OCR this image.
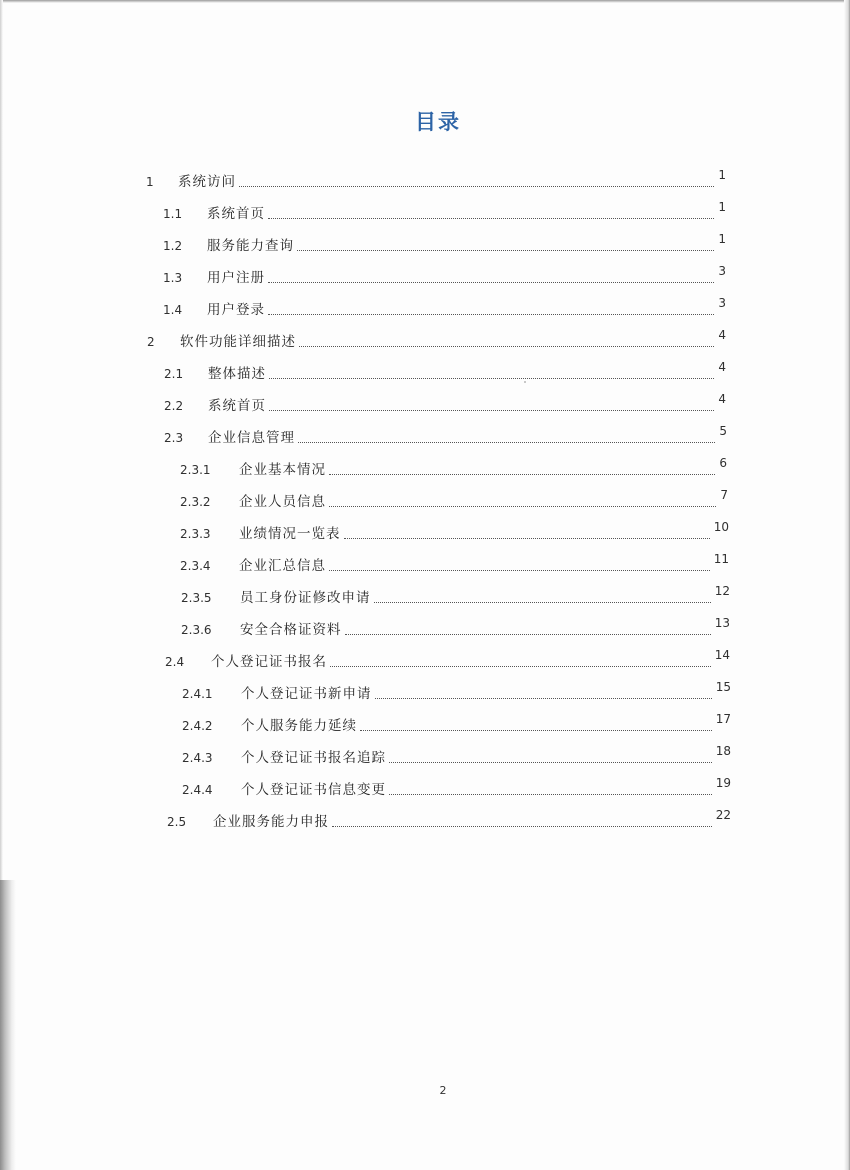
目录
1	系统访问	1
1.1	系统首页	1
1.2	服务能力查询	1
1.3	用户注册	3
1.4	用户登录	3
2	软件功能详细描述	4
2.1	整体描述	4
2.2	系统首页	4
2.3	企业信息管理	5
2.3.1	企业基本情况	6
2.3.2	企业人员信息	7
2.3.3	业绩情况一览表	10
2.3.4	企业汇总信息	11
2.3.5	员工身份证修改申请	12
2.3.6	安全合格证资料	13
2.4	个人登记证书报名	14
2.4.1	个人登记证书新申请	15
2.4.2	个人服务能力延续	17
2.4.3	个人登记证书报名追踪	18
2.4.4	个人登记证书信息变更	19
2.5	企业服务能力申报	22
2
